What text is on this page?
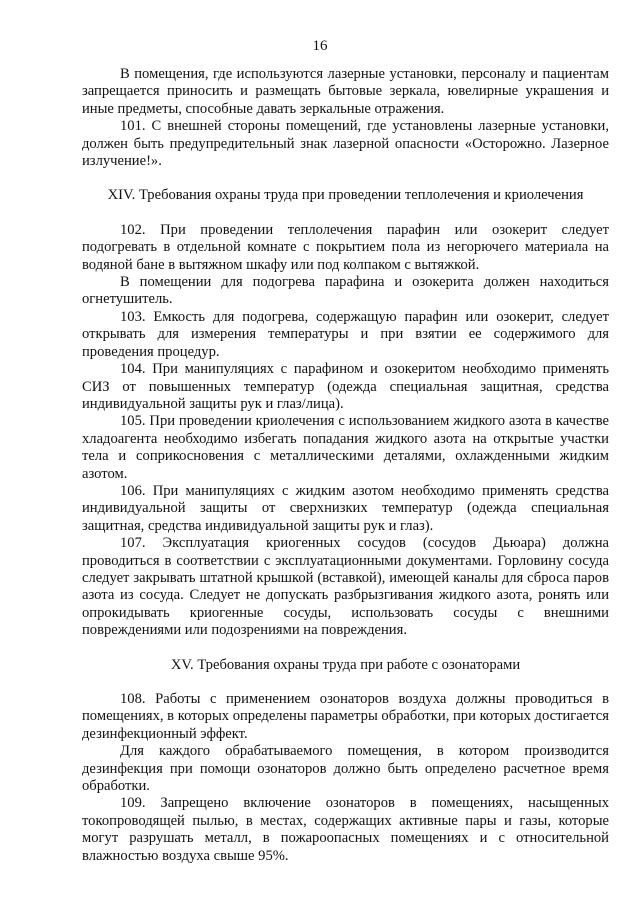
16

В помещения, где используются лазерные установки, персоналу и пациентам запрещается приносить и размещать бытовые зеркала, ювелирные украшения и иные предметы, способные давать зеркальные отражения.

101. С внешней стороны помещений, где установлены лазерные установки, должен быть предупредительный знак лазерной опасности «Осторожно. Лазерное излучение!».

XIV. Требования охраны труда при проведении теплолечения и криолечения

102. При проведении теплолечения парафин или озокерит следует подогревать в отдельной комнате с покрытием пола из негорючего материала на водяной бане в вытяжном шкафу или под колпаком с вытяжкой.

В помещении для подогрева парафина и озокерита должен находиться огнетушитель.

103. Емкость для подогрева, содержащую парафин или озокерит, следует открывать для измерения температуры и при взятии ее содержимого для проведения процедур.

104. При манипуляциях с парафином и озокеритом необходимо применять СИЗ от повышенных температур (одежда специальная защитная, средства индивидуальной защиты рук и глаз/лица).

105. При проведении криолечения с использованием жидкого азота в качестве хладоагента необходимо избегать попадания жидкого азота на открытые участки тела и соприкосновения с металлическими деталями, охлажденными жидким азотом.

106. При манипуляциях с жидким азотом необходимо применять средства индивидуальной защиты от сверхнизких температур (одежда специальная защитная, средства индивидуальной защиты рук и глаз).

107. Эксплуатация криогенных сосудов (сосудов Дьюара) должна проводиться в соответствии с эксплуатационными документами. Горловину сосуда следует закрывать штатной крышкой (вставкой), имеющей каналы для сброса паров азота из сосуда. Следует не допускать разбрызгивания жидкого азота, ронять или опрокидывать криогенные сосуды, использовать сосуды с внешними повреждениями или подозрениями на повреждения.

XV. Требования охраны труда при работе с озонаторами

108. Работы с применением озонаторов воздуха должны проводиться в помещениях, в которых определены параметры обработки, при которых достигается дезинфекционный эффект.

Для каждого обрабатываемого помещения, в котором производится дезинфекция при помощи озонаторов должно быть определено расчетное время обработки.

109. Запрещено включение озонаторов в помещениях, насыщенных токопроводящей пылью, в местах, содержащих активные пары и газы, которые могут разрушать металл, в пожароопасных помещениях и с относительной влажностью воздуха свыше 95%.
